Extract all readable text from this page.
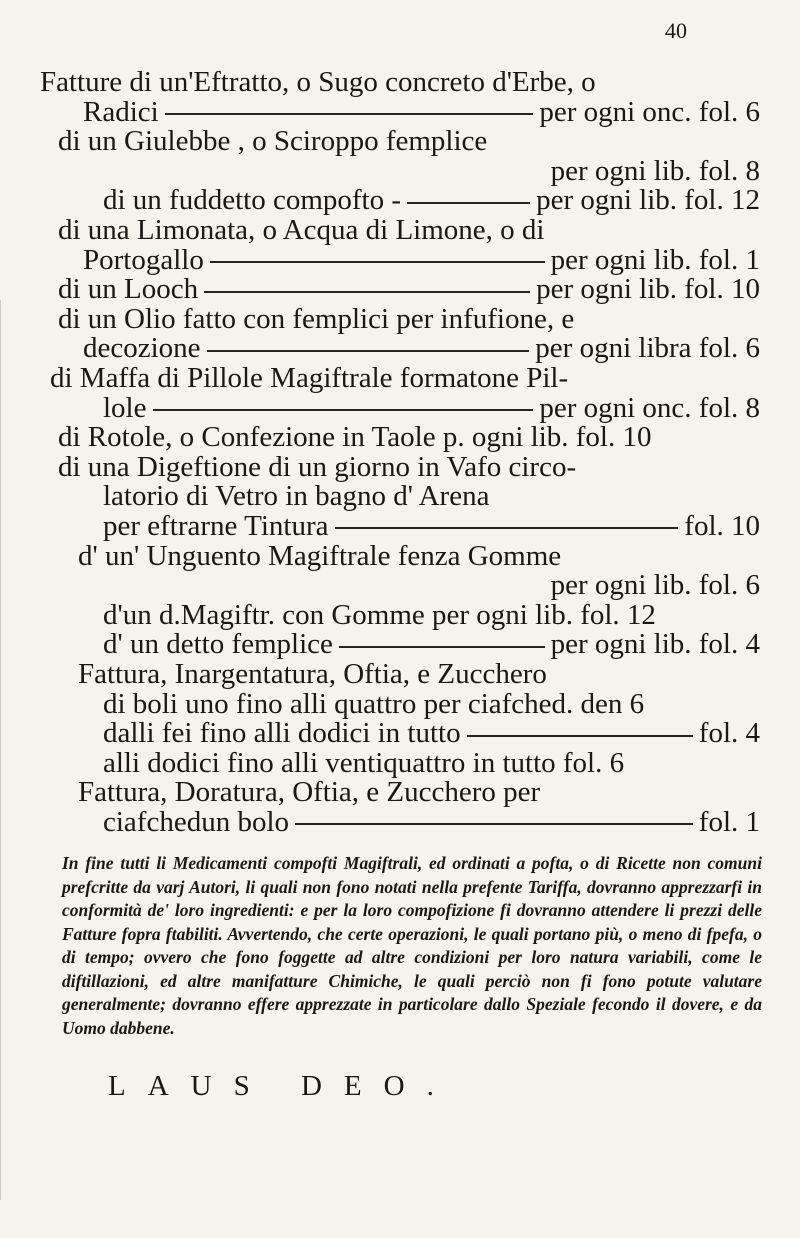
40
Fatture di un'Eftratto, o Sugo concreto d'Erbe, o
Radici	per ogni onc. fol. 6
di un Giulebbe , o Sciroppo femplice
per ogni lib. fol. 8
di un fuddetto compofto -	per ogni lib. fol. 12
di una Limonata, o Acqua di Limone, o di
Portogallo	per ogni lib. fol. 1
di un Looch	per ogni lib. fol. 10
di un Olio fatto con femplici per infufione, e
decozione	per ogni libra fol. 6
di Maffa di Pillole Magiftrale formatone Pil-
lole	per ogni onc. fol. 8
di Rotole, o Confezione in Taole p. ogni lib. fol. 10
di una Digeftione di un giorno in Vafo circo-
latorio di Vetro in bagno d' Arena
per eftrarne Tintura	fol. 10
d' un' Unguento Magiftrale fenza Gomme
per ogni lib. fol. 6
d'un d.Magiftr. con Gomme per ogni lib. fol. 12
d' un detto femplice	per ogni lib. fol. 4
Fattura, Inargentatura, Oftia, e Zucchero
di boli uno fino alli quattro per ciafched. den 6
dalli fei fino alli dodici in tutto	fol. 4
alli dodici fino alli ventiquattro in tutto fol. 6
Fattura, Doratura, Oftia, e Zucchero per
ciafchedun bolo	fol. 1
In fine tutti li Medicamenti compofti Magiftrali, ed ordinati a pofta, o di Ricette non comuni prefcritte da varj Autori, li quali non fono notati nella prefente Tariffa, dovranno apprezzarfi in conformità de' loro ingredienti: e per la loro compofizione fi dovranno attendere li prezzi delle Fatture fopra ftabiliti. Avvertendo, che certe operazioni, le quali portano più, o meno di fpefa, o di tempo; ovvero che fono foggette ad altre condizioni per loro natura variabili, come le diftillazioni, ed altre manifatture Chimiche, le quali perciò non fi fono potute valutare generalmente; dovranno effere apprezzate in particolare dallo Speziale fecondo il dovere, e da Uomo dabbene.
LAUS DEO.
